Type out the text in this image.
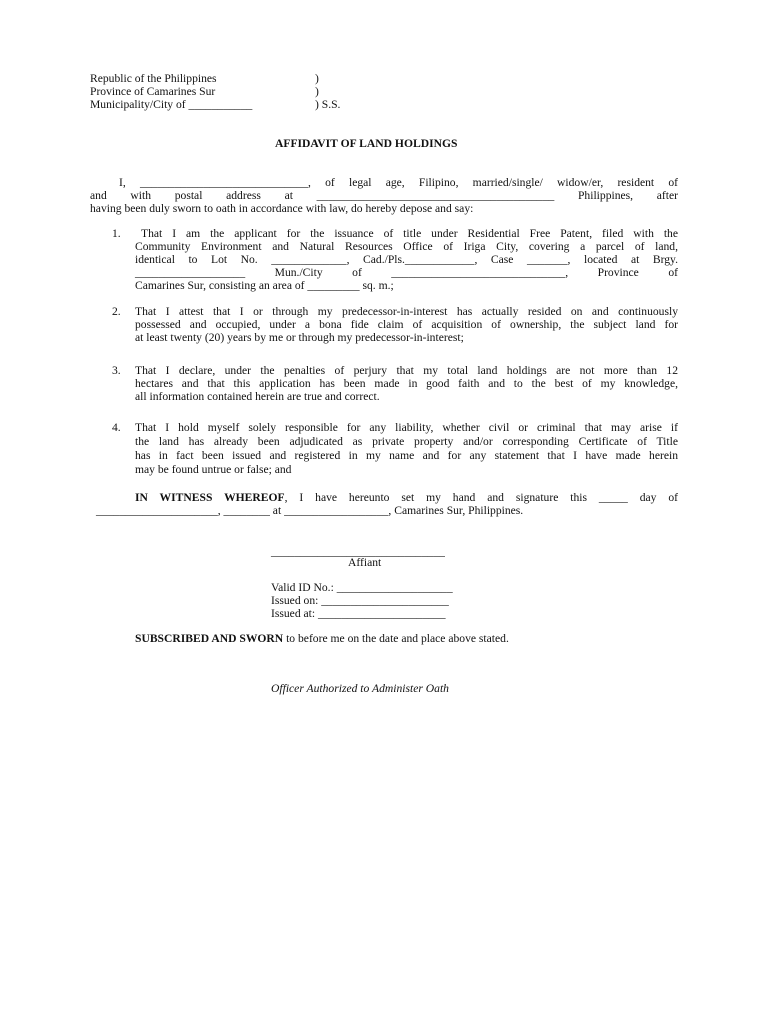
Republic of the Philippines
Province of Camarines Sur
Municipality/City of ___________
)
)
) S.S.
AFFIDAVIT OF LAND HOLDINGS
I, _____________________________, of legal age, Filipino, married/single/ widow/er, resident of
and with postal address at _________________________________________ Philippines, after
having been duly sworn to oath in accordance with law, do hereby depose and say:
1. That I am the applicant for the issuance of title under Residential Free Patent, filed with the
Community Environment and Natural Resources Office of Iriga City, covering a parcel of land,
identical to Lot No. _____________, Cad./Pls.____________, Case _______, located at Brgy.
___________________ Mun./City of ______________________________, Province of
Camarines Sur, consisting an area of _________ sq. m.;
2. That I attest that I or through my predecessor-in-interest has actually resided on and continuously
possessed and occupied, under a bona fide claim of acquisition of ownership, the subject land for
at least twenty (20) years by me or through my predecessor-in-interest;
3. That I declare, under the penalties of perjury that my total land holdings are not more than 12
hectares and that this application has been made in good faith and to the best of my knowledge,
all information contained herein are true and correct.
4. That I hold myself solely responsible for any liability, whether civil or criminal that may arise if
the land has already been adjudicated as private property and/or corresponding Certificate of Title
has in fact been issued and registered in my name and for any statement that I have made herein
may be found untrue or false; and
IN WITNESS WHEREOF, I have hereunto set my hand and signature this _____ day of
_____________________, ________ at __________________, Camarines Sur, Philippines.
______________________________
Affiant
Valid ID No.: ____________________
Issued on: ______________________
Issued at: ______________________
SUBSCRIBED AND SWORN to before me on the date and place above stated.
Officer Authorized to Administer Oath
